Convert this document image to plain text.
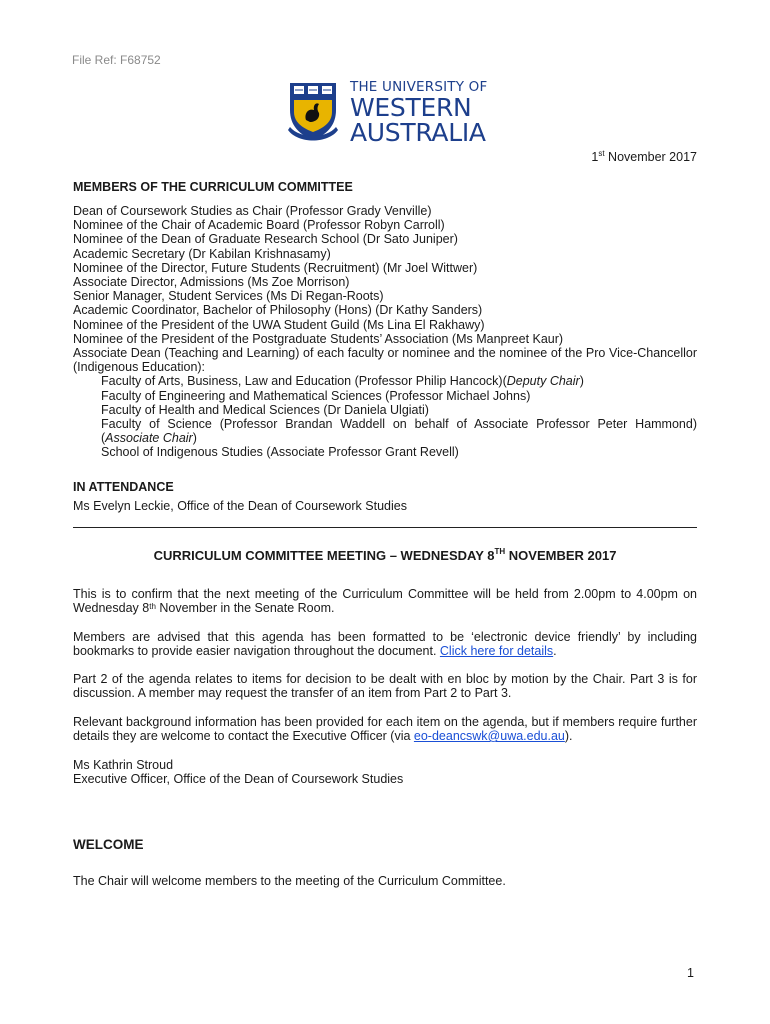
File Ref: F68752
THE UNIVERSITY OF
WESTERN
AUSTRALIA
1st November 2017
MEMBERS OF THE CURRICULUM COMMITTEE
Dean of Coursework Studies as Chair (Professor Grady Venville)
Nominee of the Chair of Academic Board (Professor Robyn Carroll)
Nominee of the Dean of Graduate Research School (Dr Sato Juniper)
Academic Secretary (Dr Kabilan Krishnasamy)
Nominee of the Director, Future Students (Recruitment) (Mr Joel Wittwer)
Associate Director, Admissions (Ms Zoe Morrison)
Senior Manager, Student Services (Ms Di Regan-Roots)
Academic Coordinator, Bachelor of Philosophy (Hons) (Dr Kathy Sanders)
Nominee of the President of the UWA Student Guild (Ms Lina El Rakhawy)
Nominee of the President of the Postgraduate Students’ Association (Ms Manpreet Kaur)
Associate Dean (Teaching and Learning) of each faculty or nominee and the nominee of the Pro Vice-Chancellor (Indigenous Education):
Faculty of Arts, Business, Law and Education (Professor Philip Hancock)(Deputy Chair)
Faculty of Engineering and Mathematical Sciences (Professor Michael Johns)
Faculty of Health and Medical Sciences (Dr Daniela Ulgiati)
Faculty of Science (Professor Brandan Waddell on behalf of Associate Professor Peter Hammond) (Associate Chair)
School of Indigenous Studies (Associate Professor Grant Revell)
IN ATTENDANCE
Ms Evelyn Leckie, Office of the Dean of Coursework Studies
CURRICULUM COMMITTEE MEETING – WEDNESDAY 8TH NOVEMBER 2017
This is to confirm that the next meeting of the Curriculum Committee will be held from 2.00pm to 4.00pm on Wednesday 8th November in the Senate Room.
Members are advised that this agenda has been formatted to be ‘electronic device friendly’ by including bookmarks to provide easier navigation throughout the document. Click here for details.
Part 2 of the agenda relates to items for decision to be dealt with en bloc by motion by the Chair. Part 3 is for discussion. A member may request the transfer of an item from Part 2 to Part 3.
Relevant background information has been provided for each item on the agenda, but if members require further details they are welcome to contact the Executive Officer (via eo-deancswk@uwa.edu.au).
Ms Kathrin Stroud
Executive Officer, Office of the Dean of Coursework Studies
WELCOME
The Chair will welcome members to the meeting of the Curriculum Committee.
1
